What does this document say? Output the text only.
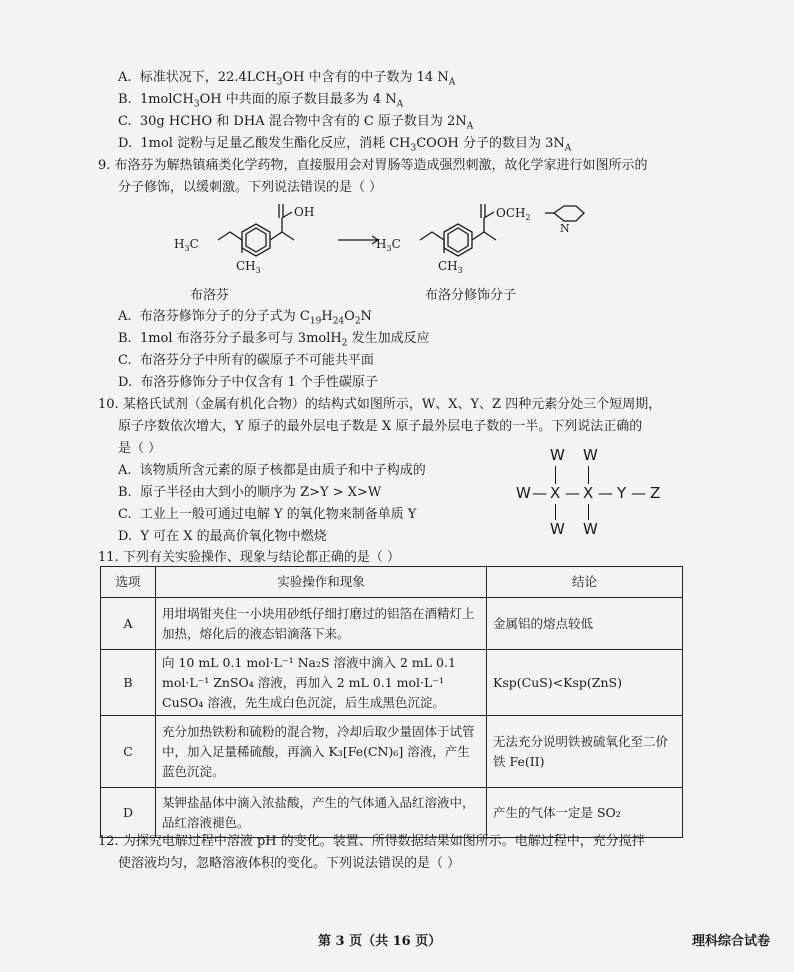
A. 标准状况下，$22.4LCH_3OH$ 中含有的中子数为 14 $N_A$
B. 1molCH$_3$OH 中共面的原子数目最多为 4 $N_A$
C. 30g HCHO 和 DHA 混合物中含有的 C 原子数目为 $2N_A$
D. 1mol 淀粉与足量乙酸发生酯化反应，消耗 $CH_3COOH$ 分子的数目为 $3N_A$
9. 布洛芬为解热镇痛类化学药物，直接服用会对胃肠等造成强烈刺激，故化学家进行如图所示的
分子修饰，以缓刺激。下列说法错误的是（ ）
$H_3C$
$CH_3$
OH
$H_3C$
$CH_3$
$OCH_2$
N
布洛芬	布洛分修饰分子
A. 布洛芬修饰分子的分子式为 $C_{19}H_{24}O_2N$
B. 1mol 布洛芬分子最多可与 3molH$_2$ 发生加成反应
C. 布洛芬分子中所有的碳原子不可能共平面
D. 布洛芬修饰分子中仅含有 1 个手性碳原子
10. 某格氏试剂（金属有机化合物）的结构式如图所示，W、X、Y、Z 四种元素分处三个短周期，
原子序数依次增大，Y 原子的最外层电子数是 X 原子最外层电子数的一半。下列说法正确的
是（ ）
A. 该物质所含元素的原子核都是由质子和中子构成的
B. 原子半径由大到小的顺序为 Z>Y > X>W
C. 工业上一般可通过电解 Y 的氧化物来制备单质 Y
D. Y 可在 X 的最高价氧化物中燃烧
W W
W — X — X — Y — Z
W W
11. 下列有关实验操作、现象与结论都正确的是（ ）
选项	实验操作和现象	结论
A	用坩埚钳夹住一小块用砂纸仔细打磨过的铝箔在酒精灯上加热，熔化后的液态铝滴落下来。	金属铝的熔点较低
B	向 10 mL 0.1 mol·L⁻¹ Na₂S 溶液中滴入 2 mL 0.1 mol·L⁻¹ ZnSO₄ 溶液，再加入 2 mL 0.1 mol·L⁻¹ CuSO₄ 溶液，先生成白色沉淀，后生成黑色沉淀。	Ksp(CuS)<Ksp(ZnS)
C	充分加热铁粉和硫粉的混合物，冷却后取少量固体于试管中，加入足量稀硫酸，再滴入 K₃[Fe(CN)₆] 溶液，产生蓝色沉淀。	无法充分说明铁被硫氧化至二价铁 Fe(II)
D	某钾盐晶体中滴入浓盐酸，产生的气体通入品红溶液中，品红溶液褪色。	产生的气体一定是 SO₂
12. 为探究电解过程中溶液 pH 的变化。装置、所得数据结果如图所示。电解过程中，充分搅拌
使溶液均匀，忽略溶液体积的变化。下列说法错误的是（ ）
第 3 页（共 16 页）	理科综合试卷
